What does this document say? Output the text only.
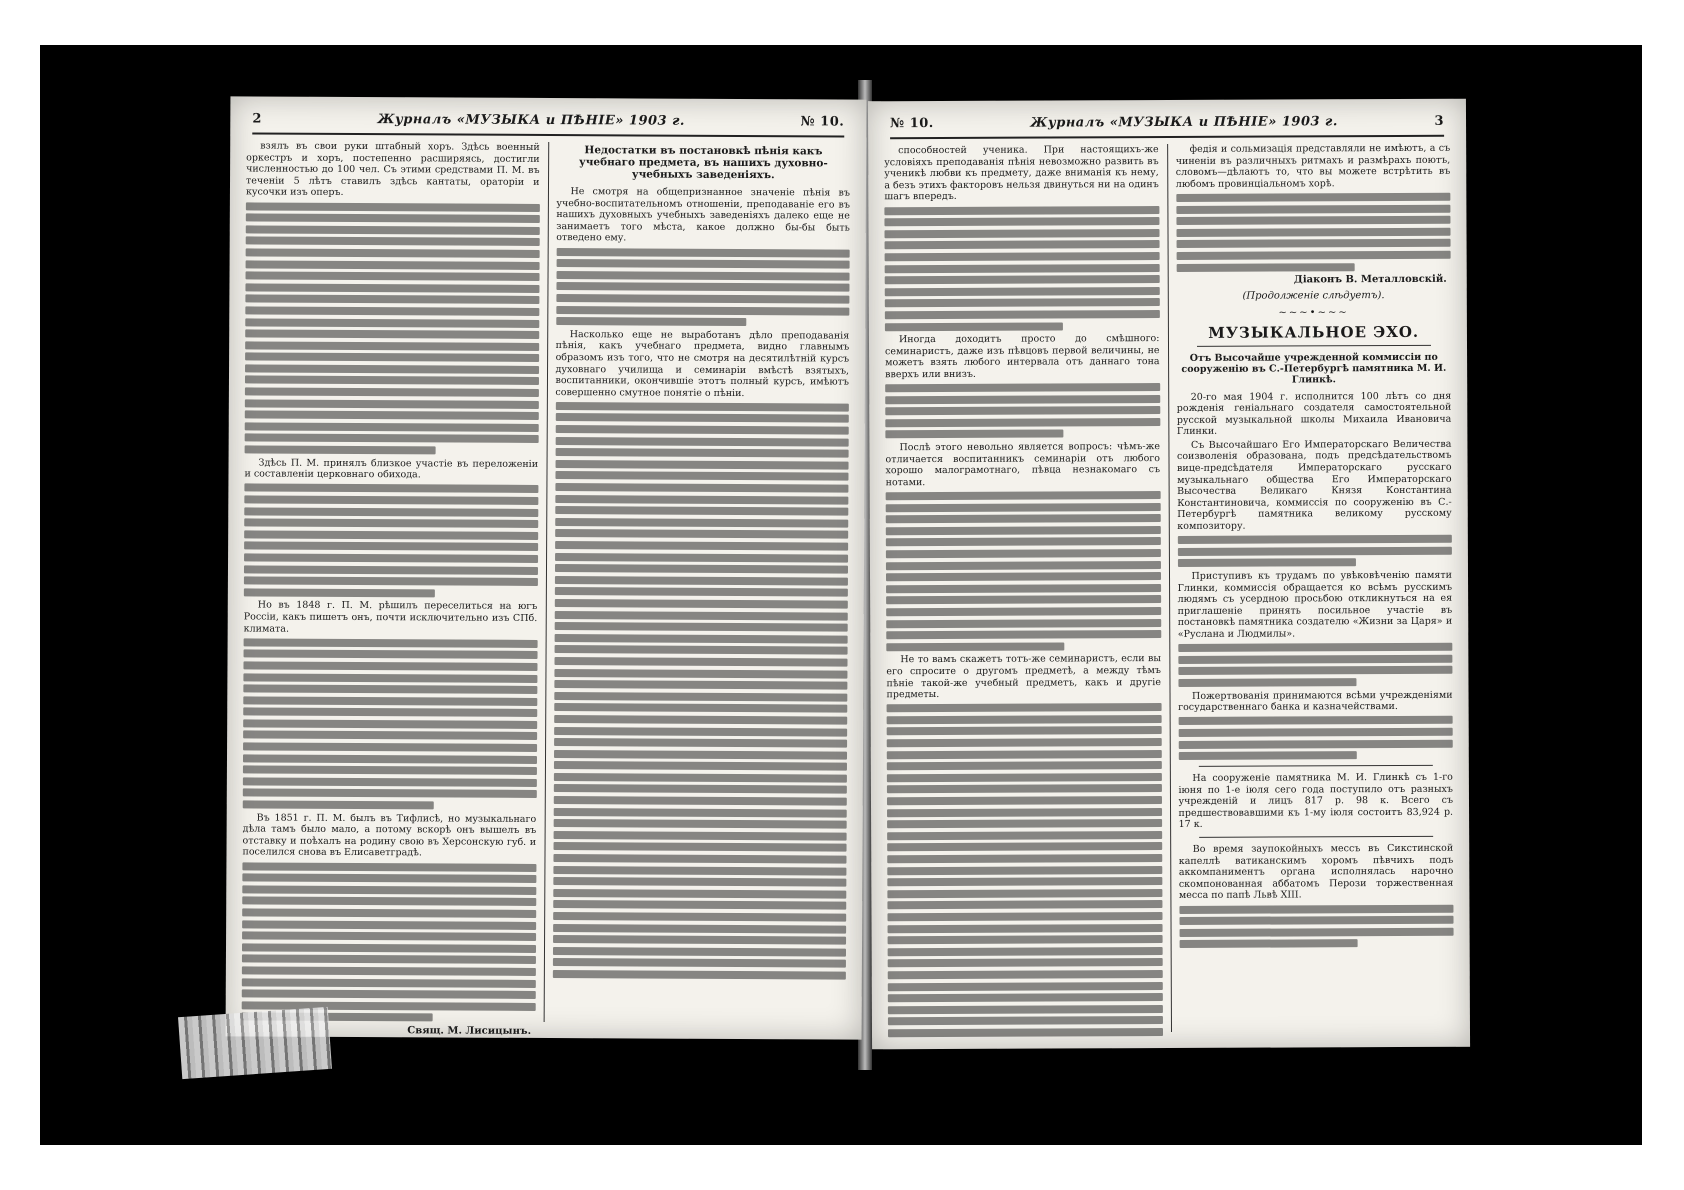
2	Журналъ «МУЗЫКА и ПѢНІЕ» 1903 г.	№ 10.

взялъ въ свои руки штабный хоръ. Здѣсь военный оркестръ и хоръ, постепенно расширяясь, достигли численностью до 100 чел. Съ этими средствами П. М. въ теченіи 5 лѣтъ ставилъ здѣсь кантаты, ораторіи и кусочки изъ оперъ.

Здѣсь П. М. принялъ близкое участіе въ переложеніи и составленіи церковнаго обихода.

Но въ 1848 г. П. М. рѣшилъ переселиться на югъ Россіи, какъ пишетъ онъ, почти исключительно изъ СПб. климата.

Въ 1851 г. П. М. былъ въ Тифлисѣ, но музыкальнаго дѣла тамъ было мало, а потому вскорѣ онъ вышелъ въ отставку и поѣхалъ на родину свою въ Херсонскую губ. и поселился снова въ Елисаветградѣ.

Свящ. М. Лисицынъ.
Недостатки въ постановкѣ пѣнія какъ учебнаго предмета, въ нашихъ духовно-учебныхъ заведеніяхъ.

Не смотря на общепризнанное значеніе пѣнія въ учебно-воспитательномъ отношеніи, преподаваніе его въ нашихъ духовныхъ учебныхъ заведеніяхъ далеко еще не занимаетъ того мѣста, какое должно бы-бы быть отведено ему.

Насколько еще не выработанъ дѣло преподаванія пѣнія, какъ учебнаго предмета, видно главнымъ образомъ изъ того, что не смотря на десятилѣтній курсъ духовнаго училища и семинаріи вмѣстѣ взятыхъ, воспитанники, окончившіе этотъ полный курсъ, имѣютъ совершенно смутное понятіе о пѣніи.

№ 10.	Журналъ «МУЗЫКА и ПѢНІЕ» 1903 г.	3

способностей ученика. При настоящихъ-же условіяхъ преподаванія пѣнія невозможно развить въ ученикѣ любви къ предмету, даже вниманія къ нему, а безъ этихъ факторовъ нельзя двинуться ни на одинъ шагъ впередъ.

Иногда доходитъ просто до смѣшного: семинаристъ, даже изъ пѣвцовъ первой величины, не можетъ взять любого интервала отъ даннаго тона вверхъ или внизъ.

Послѣ этого невольно является вопросъ: чѣмъ-же отличается воспитанникъ семинаріи отъ любого хорошо малограмотнаго, пѣвца незнакомаго съ нотами.

Не то вамъ скажетъ тотъ-же семинаристъ, если вы его спросите о другомъ предметѣ, а между тѣмъ пѣніе такой-же учебный предметъ, какъ и другіе предметы.

федія и сольмизація представляли не имѣютъ, а съ чиненіи въ различныхъ ритмахъ и размѣрахъ поютъ, словомъ—дѣлаютъ то, что вы можете встрѣтить въ любомъ провинціальномъ хорѣ.

Діаконъ В. Металловскій.
(Продолженіе слѣдуетъ).
~~~•~~~
МУЗЫКАЛЬНОЕ ЭХО.
Отъ Высочайше учрежденной коммиссіи по сооруженію въ С.-Петербургѣ памятника М. И. Глинкѣ.

20-го мая 1904 г. исполнится 100 лѣтъ со дня рожденія геніальнаго создателя самостоятельной русской музыкальной школы Михаила Ивановича Глинки.

Съ Высочайшаго Его Императорскаго Величества соизволенія образована, подъ предсѣдательствомъ вице-предсѣдателя Императорскаго русскаго музыкальнаго общества Его Императорскаго Высочества Великаго Князя Константина Константиновича, коммиссія по сооруженію въ С.-Петербургѣ памятника великому русскому композитору.

Приступивъ къ трудамъ по увѣковѣченію памяти Глинки, коммиссія обращается ко всѣмъ русскимъ людямъ съ усердною просьбою откликнуться на ея приглашеніе принять посильное участіе въ постановкѣ памятника создателю «Жизни за Царя» и «Руслана и Людмилы».

Пожертвованія принимаются всѣми учрежденіями государственнаго банка и казначействами.

На сооруженіе памятника М. И. Глинкѣ съ 1-го іюня по 1-е іюля сего года поступило отъ разныхъ учрежденій и лицъ 817 р. 98 к. Всего съ предшествовавшими къ 1-му іюля состоитъ 83,924 р. 17 к.

Во время заупокойныхъ мессъ въ Сикстинской капеллѣ ватиканскимъ хоромъ пѣвчихъ подъ аккомпаниментъ органа исполнялась нарочно скомпонованная аббатомъ Перози торжественная месса по папѣ Львѣ XIII.
